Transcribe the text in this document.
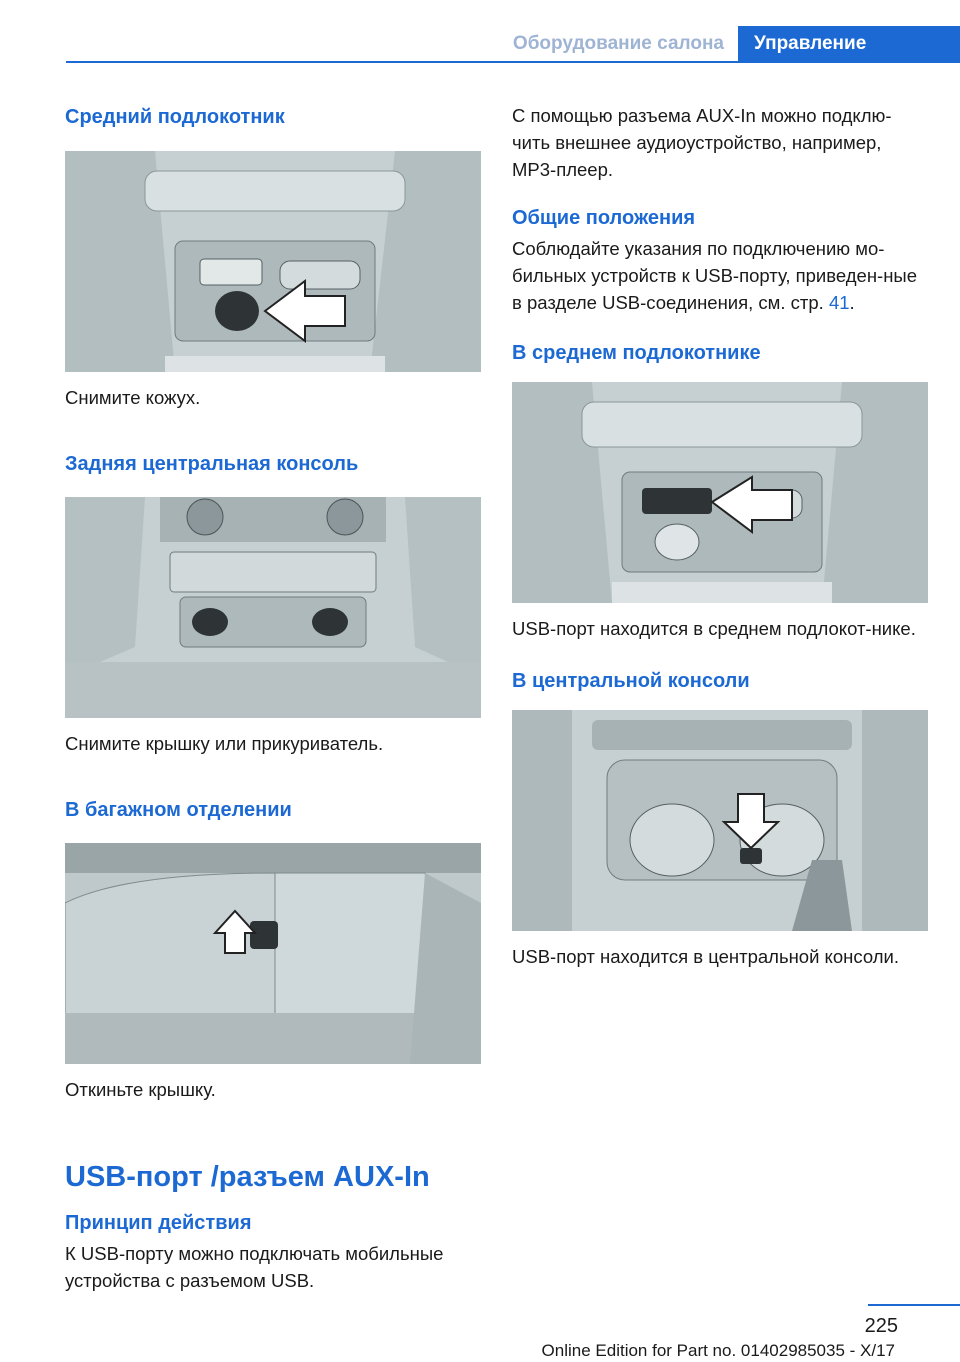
Оборудование салона	Управление
Средний подлокотник

Снимите кожух.

Задняя центральная консоль

Снимите крышку или прикуриватель.

В багажном отделении

Откиньте крышку.

USB-порт /разъем AUX-In
Принцип действия

К USB-порту можно подключать мобильные устройства с разъемом USB.

С помощью разъема AUX-In можно подклю-чить внешнее аудиоустройство, например, MP3-плеер.

Общие положения

Соблюдайте указания по подключению мо-бильных устройств к USB-порту, приведен-ные в разделе USB-соединения, см. стр. 41.

В среднем подлокотнике

USB-порт находится в среднем подлокот-нике.

В центральной консоли

USB-порт находится в центральной консоли.

225
Online Edition for Part no. 01402985035 - X/17
